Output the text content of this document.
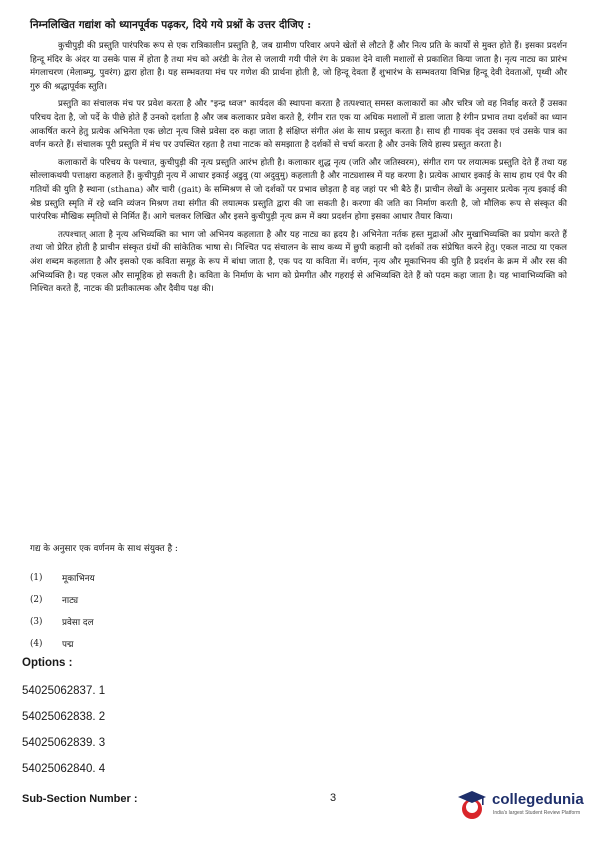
निम्नलिखित गद्यांश को ध्यानपूर्वक पढ़कर, दिये गये प्रश्नों के उत्तर दीजिए :

कुचीपुड़ी की प्रस्तुति पारंपरिक रूप से एक रात्रिकालीन प्रस्तुति है, जब ग्रामीण परिवार अपने खेतों से लौटते हैं और नित्य प्रति के कार्यों से मुक्त होते हैं। इसका प्रदर्शन हिन्दू मंदिर के अंदर या उसके पास में होता है तथा मंच को अरंडी के तेल से जलायी गयी पीले रंग के प्रकाश देने वाली मशालों से प्रकाशित किया जाता है। नृत्य नाट्य का प्रारंभ मंगलाचरण (मेलाब्म्पु, पुवरंग) द्वारा होता है। यह सम्भवतया मंच पर गणेश की प्रार्थना होती है, जो हिन्दू देवता हैं शुभारंभ के सम्भवतया विभिन्न हिन्दू देवी देवताओं, पृथ्वी और गुरु की श्रद्धापूर्वक स्तुति।

प्रस्तुति का संचालक मंच पर प्रवेश करता है और "इन्द्र ध्वज" कार्यदल की स्थापना करता है तत्पश्चात् समस्त कलाकारों का और चरित्र जो वह निर्वाह करते हैं उसका परिचय देता है, जो पर्दे के पीछे होते हैं उनको दर्शाता है और जब कलाकार प्रवेश करते है, रंगीन रात एक या अधिक मशालों में डाला जाता है रंगीन प्रभाव तथा दर्शकों का ध्यान आकर्षित करने हेतु प्रत्येक अभिनेता एक छोटा नृत्य जिसे प्रवेसा दरु कहा जाता है संक्षिप्त संगीत अंश के साथ प्रस्तुत करता है। साथ ही गायक वृंद उसका एवं उसके पात्र का वर्णन करते हैं। संचालक पूरी प्रस्तुति में मंच पर उपस्थित रहता है तथा नाटक को समझाता है दर्शकों से चर्चा करता है और उनके लिये हास्य प्रस्तुत करता है।

कलाकारों के परिचय के पश्चात, कुचीपुड़ी की नृत्य प्रस्तुति आरंभ होती है। कलाकार शुद्ध नृत्य (जति और जतिस्वरम), संगीत राग पर लयात्मक प्रस्तुति देते हैं तथा यह सोल्लाकथयी पत्ताक्षरा कहलाते हैं। कुचीपुड़ी नृत्य में आधार इकाई अडुवु (या अदुवुमु) कहलाती है और नाट्यशास्त्र में यह करणा है। प्रत्येक आधार इकाई के साथ हाथ एवं पैर की गतियों की युति है स्थाना (sthana) और चारी (gait) के सम्मिश्रण से जो दर्शकों पर प्रभाव छोड़ता है वह जहां पर भी बैठे हैं। प्राचीन लेखों के अनुसार प्रत्येक नृत्य इकाई की श्रेष्ठ प्रस्तुति स्मृति में रहे ध्वनि व्यंजन मिश्रण तथा संगीत की लयात्मक प्रस्तुति द्वारा की जा सकती है। करणा की जति का निर्माण करती है, जो मौलिक रूप से संस्कृत की पारंपरिक मौखिक स्मृतियों से निर्मित हैं। आगे चलकर लिखित और इसने कुचीपुड़ी नृत्य क्रम में क्या प्रदर्शन होगा इसका आधार तैयार किया।

तत्पश्चात् आता है नृत्य अभिव्यक्ति का भाग जो अभिनय कहलाता है और यह नाट्य का ह्रदय है। अभिनेता नर्तक हस्त मुद्राओं और मुखाभिव्यक्ति का प्रयोग करते हैं तथा जो प्रेरित होती है प्राचीन संस्कृत ग्रंथों की सांकेतिक भाषा से। निश्चित पद संचालन के साथ कथ्य में छुपी कहानी को दर्शकों तक संप्रेषित करने हेतु। एकल नाट्य या एकल अंश शब्दम कहलाता है और इसको एक कविता समूह के रूप में बांधा जाता है, एक पद या कविता में। वर्णम, नृत्य और मूकाभिनय की युति है प्रदर्शन के क्रम में और रस की अभिव्यक्ति है। यह एकल और सामूहिक हो सकती है। कविता के निर्माण के भाग को प्रेमगीत और गहराई से अभिव्यक्ति देते हैं को पदम कहा जाता है। यह भावाभिव्यक्ति को निश्चित करते हैं, नाटक की प्रतीकात्मक और दैवीय पक्ष की।

गद्य के अनुसार एक वर्णनम के साथ संयुक्त है :
(1)	मूकाभिनय
(2)	नाट्य
(3)	प्रवेसा दल
(4)	पद्म
Options :
54025062837. 1
54025062838. 2
54025062839. 3
54025062840. 4
Sub-Section Number :	3	collegedunia
India's largest Student Review Platform
